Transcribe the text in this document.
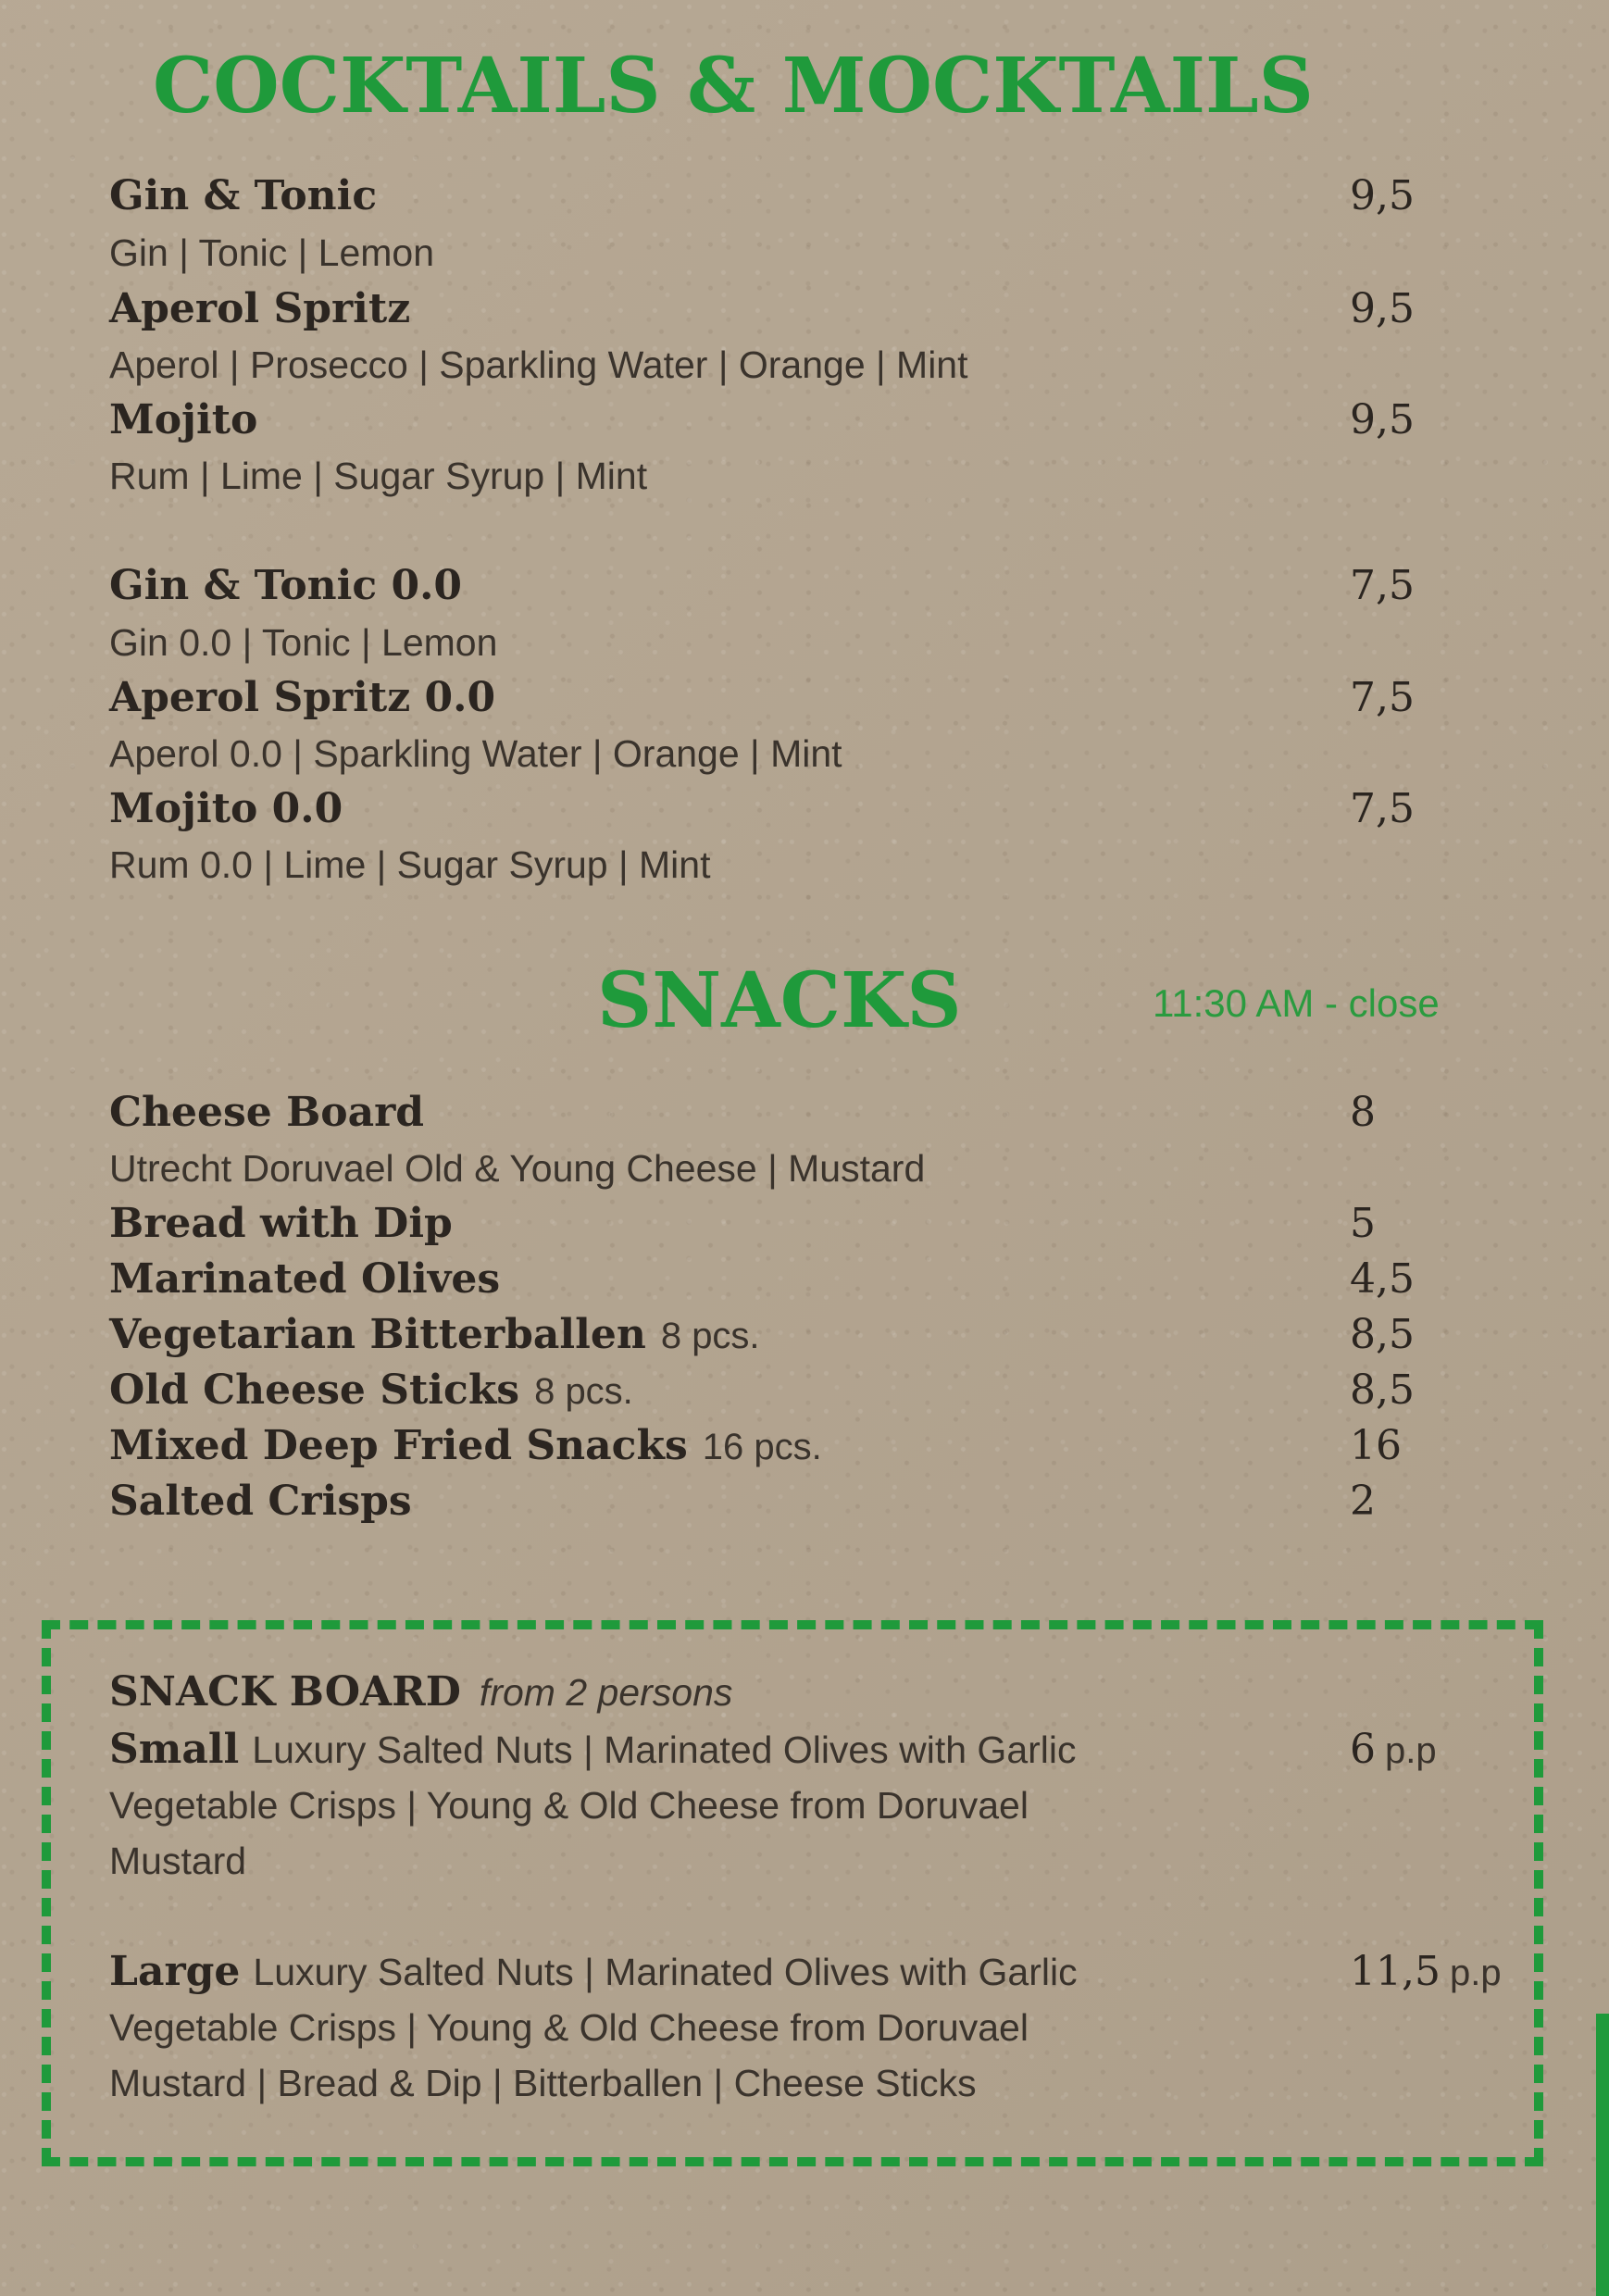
COCKTAILS & MOCKTAILS
Gin & Tonic	9,5
Gin | Tonic | Lemon
Aperol Spritz	9,5
Aperol | Prosecco | Sparkling Water | Orange | Mint
Mojito	9,5
Rum | Lime | Sugar Syrup | Mint
Gin & Tonic 0.0	7,5
Gin 0.0 | Tonic | Lemon
Aperol Spritz 0.0	7,5
Aperol 0.0 | Sparkling Water | Orange | Mint
Mojito 0.0	7,5
Rum 0.0 | Lime | Sugar Syrup | Mint
SNACKS	11:30 AM - close
Cheese Board	8
Utrecht Doruvael Old & Young Cheese | Mustard
Bread with Dip	5
Marinated Olives	4,5
Vegetarian Bitterballen 8 pcs.	8,5
Old Cheese Sticks 8 pcs.	8,5
Mixed Deep Fried Snacks 16 pcs.	16
Salted Crisps	2
SNACK BOARD from 2 persons
Small Luxury Salted Nuts | Marinated Olives with Garlic
Vegetable Crisps | Young & Old Cheese from Doruvael
Mustard
6 p.p
Large Luxury Salted Nuts | Marinated Olives with Garlic
Vegetable Crisps | Young & Old Cheese from Doruvael
Mustard | Bread & Dip | Bitterballen | Cheese Sticks
11,5 p.p
